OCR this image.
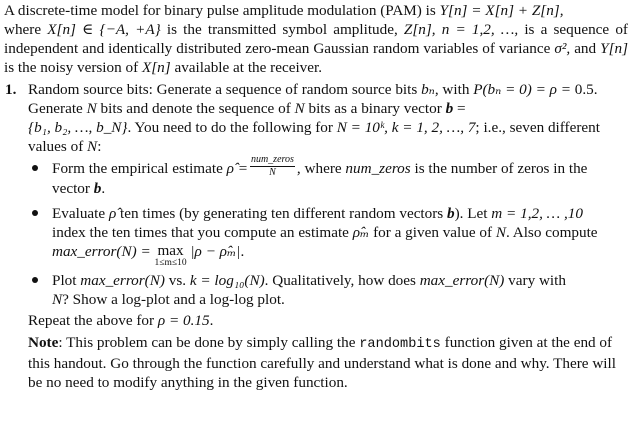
A discrete-time model for binary pulse amplitude modulation (PAM) is Y[n] = X[n] + Z[n],
where X[n] ∈ {−A, +A} is the transmitted symbol amplitude, Z[n], n = 1,2, …, is a sequence of independent and identically distributed zero-mean Gaussian random variables of variance σ², and Y[n] is the noisy version of X[n] available at the receiver.

1. Random source bits: Generate a sequence of random source bits bₙ, with P(bₙ = 0) = ρ = 0.5. Generate N bits and denote the sequence of N bits as a binary vector b =
{b₁, b₂, …, b_N}. You need to do the following for N = 10ᵏ, k = 1, 2, …, 7; i.e., seven different values of N:

Form the empirical estimate ρ̂ = $\frac{\text{num\_zeros}}{N}$ , where num_zeros is the number of zeros in the vector b.

Evaluate ρ̂ ten times (by generating ten different random vectors b). Let m = 1,2, … ,10
index the ten times that you compute an estimate ρ̂ₘ for a given value of N. Also compute max_error(N) = max
1≤m≤10
|ρ − ρ̂ₘ|.

Plot max_error(N) vs. k = log₁₀(N). Qualitatively, how does max_error(N) vary with
N? Show a log-plot and a log-log plot.

Repeat the above for ρ = 0.15.

Note: This problem can be done by simply calling the randombits function given at the end of this handout. Go through the function carefully and understand what is done and why. There will be no need to modify anything in the given function.
